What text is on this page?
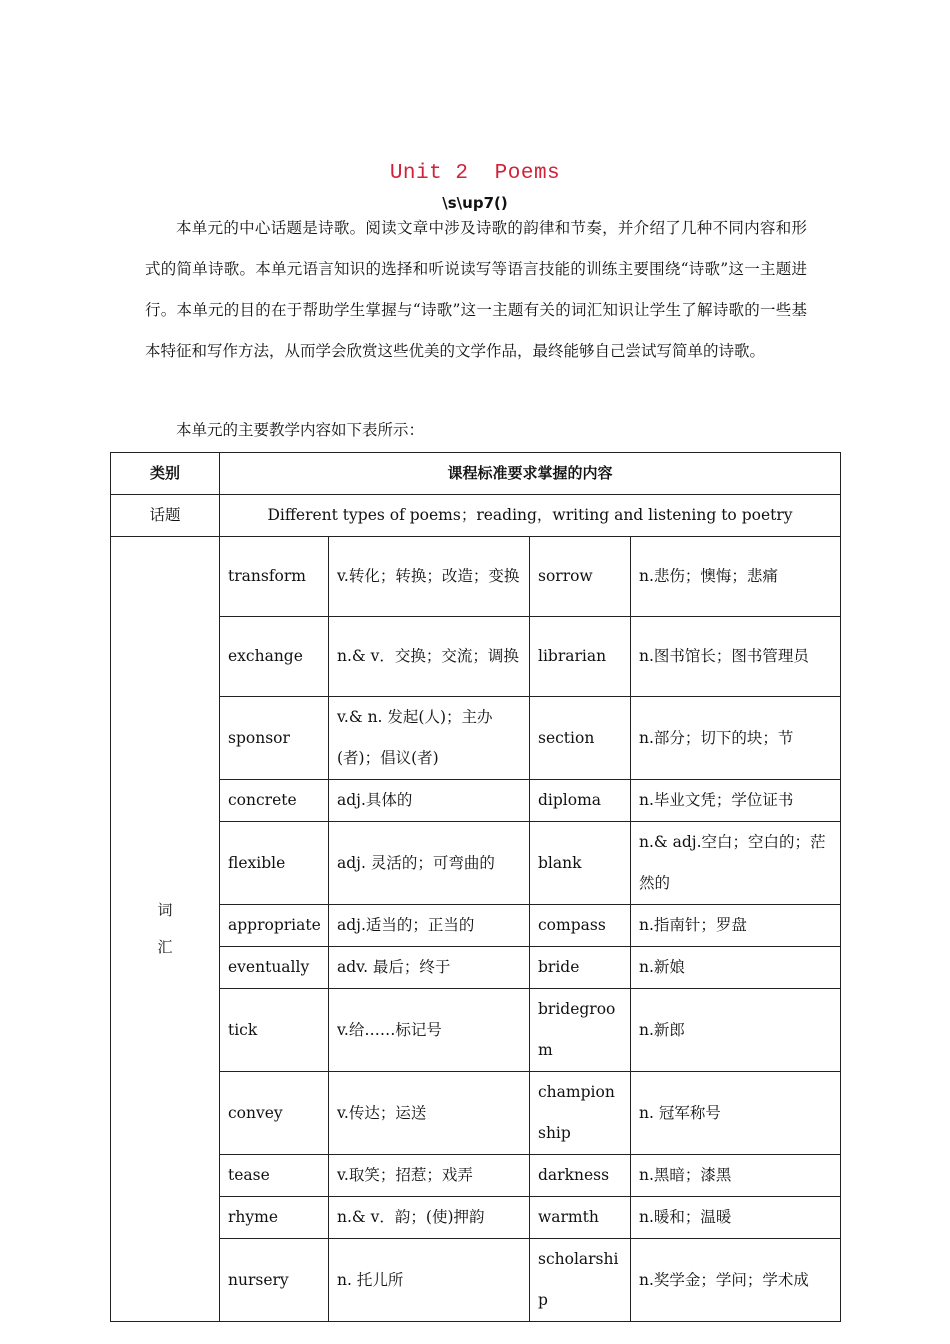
Unit 2  Poems
\s\up7()

本单元的中心话题是诗歌。阅读文章中涉及诗歌的韵律和节奏，并介绍了几种不同内容和形式的简单诗歌。本单元语言知识的选择和听说读写等语言技能的训练主要围绕“诗歌”这一主题进行。本单元的目的在于帮助学生掌握与“诗歌”这一主题有关的词汇知识让学生了解诗歌的一些基本特征和写作方法，从而学会欣赏这些优美的文学作品，最终能够自己尝试写简单的诗歌。

本单元的主要教学内容如下表所示：

类别	课程标准要求掌握的内容			
话题	Different types of poems；reading，writing and listening to poetry			

词
汇	transform	v.转化；转换；改造；变换	sorrow	n.悲伤；懊悔；悲痛
	exchange	n.& v．交换；交流；调换	librarian	n.图书馆长；图书管理员
	sponsor	v.& n. 发起(人)；主办(者)；倡议(者)	section	n.部分；切下的块；节
	concrete	adj.具体的	diploma	n.毕业文凭；学位证书
	flexible	adj. 灵活的；可弯曲的	blank	n.& adj.空白；空白的；茫然的
	appropriate	adj.适当的；正当的	compass	n.指南针；罗盘
	eventually	adv. 最后；终于	bride	n.新娘
	tick	v.给……标记号	bridegroom	n.新郎
	convey	v.传达；运送	championship	n. 冠军称号
	tease	v.取笑；招惹；戏弄	darkness	n.黑暗；漆黑
	rhyme	n.& v．韵；(使)押韵	warmth	n.暖和；温暖
	nursery	n. 托儿所	scholarship	n.奖学金；学问；学术成
